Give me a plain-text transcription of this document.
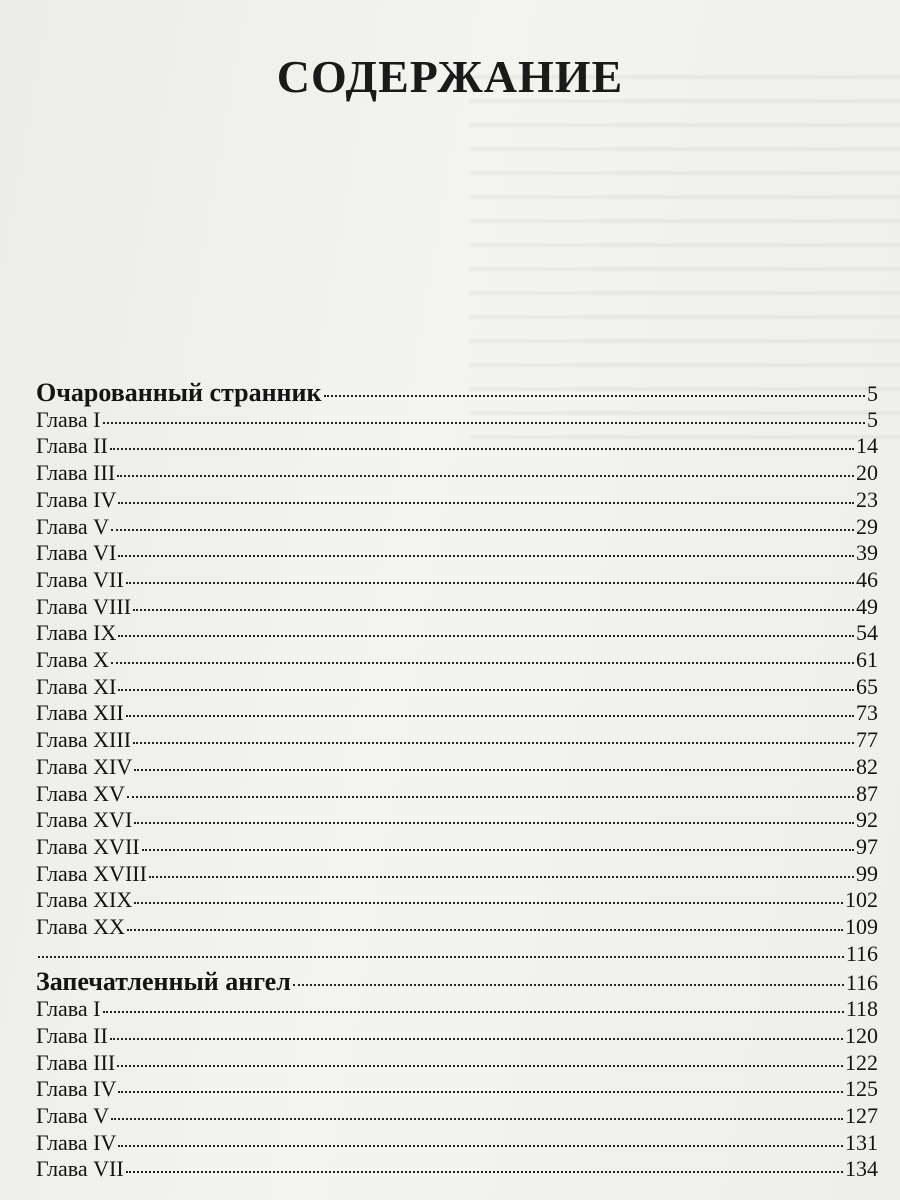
СОДЕРЖАНИЕ
Очарованный странник	5
Глава I	5
Глава II	14
Глава III	20
Глава IV	23
Глава V	29
Глава VI	39
Глава VII	46
Глава VIII	49
Глава IX	54
Глава X	61
Глава XI	65
Глава XII	73
Глава XIII	77
Глава XIV	82
Глава XV	87
Глава XVI	92
Глава XVII	97
Глава XVIII	99
Глава XIX	102
Глава XX	109
116
Запечатленный ангел	116
Глава I	118
Глава II	120
Глава III	122
Глава IV	125
Глава V	127
Глава IV	131
Глава VII	134
